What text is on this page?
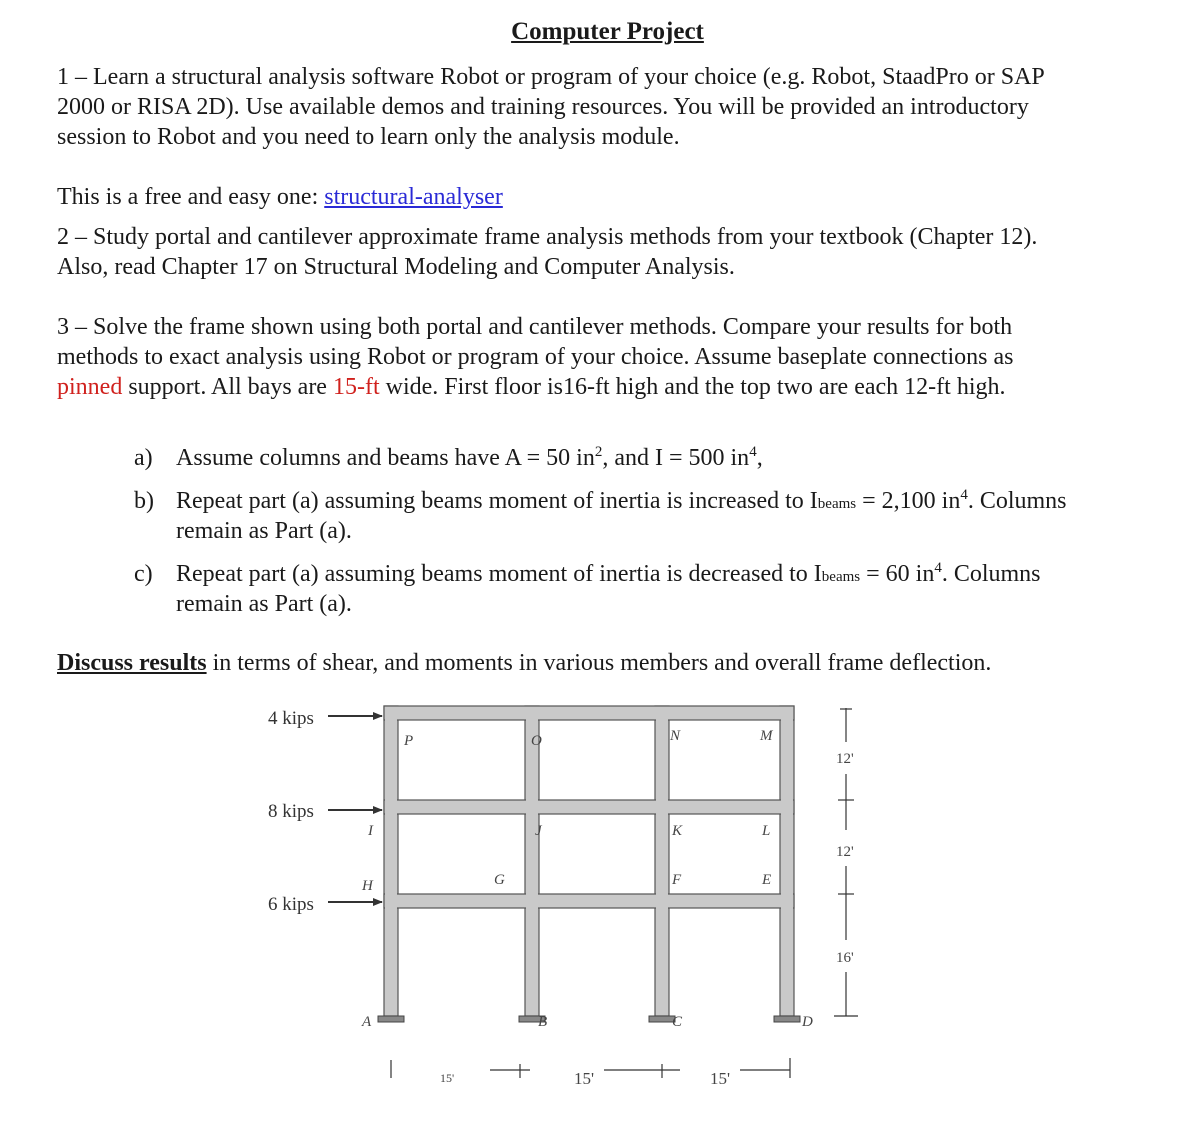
Computer Project
1 – Learn a structural analysis software Robot or program of your choice (e.g. Robot, StaadPro or SAP
2000 or RISA 2D). Use available demos and training resources. You will be provided an introductory
session to Robot and you need to learn only the analysis module.
This is a free and easy one: structural-analyser
2 – Study portal and cantilever approximate frame analysis methods from your textbook (Chapter 12).
Also, read Chapter 17 on Structural Modeling and Computer Analysis.
3 – Solve the frame shown using both portal and cantilever methods. Compare your results for both
methods to exact analysis using Robot or program of your choice. Assume baseplate connections as
pinned support. All bays are 15-ft wide. First floor is16-ft high and the top two are each 12-ft high.
a) Assume columns and beams have A = 50 $in^2$, and I = 500 $in^4$,
b) Repeat part (a) assuming beams moment of inertia is increased to Ibeams = 2,100 $in^4$. Columns
remain as Part (a).
c) Repeat part (a) assuming beams moment of inertia is decreased to Ibeams = 60 $in^4$. Columns
remain as Part (a).
Discuss results in terms of shear, and moments in various members and overall frame deflection.
4 kips
8 kips
6 kips
P	O	N	M
I	J	K	L
H	G	F	E
A	B	C	D
12'
12'
16'
15'	15'	15'
